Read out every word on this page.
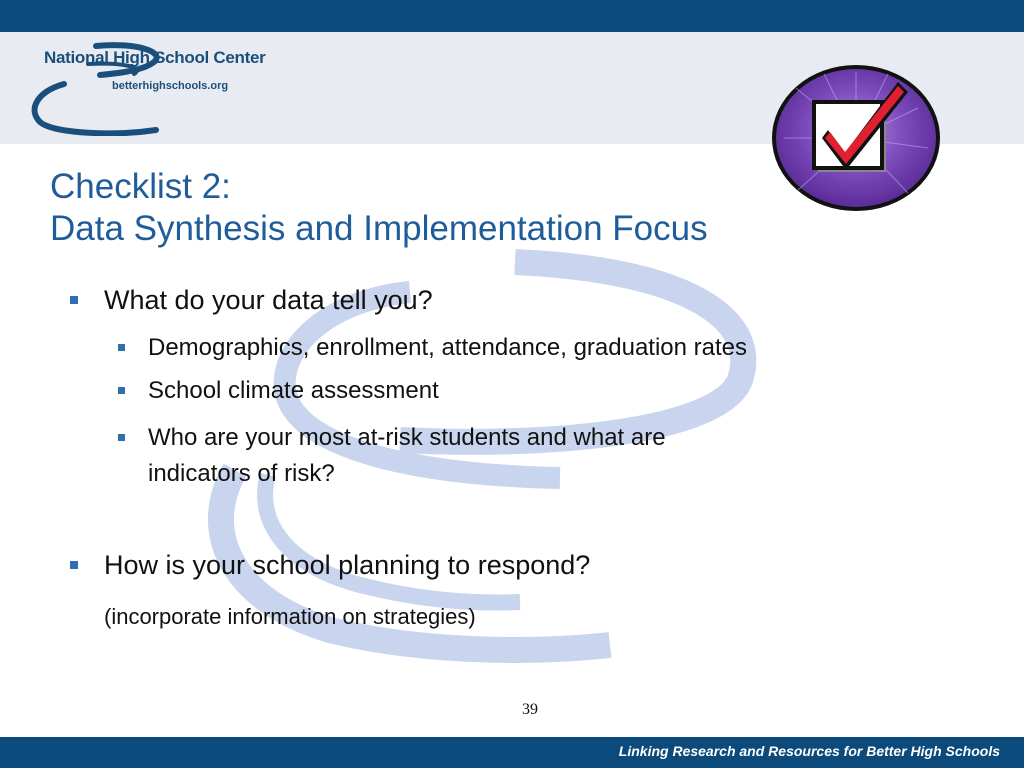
National High School Center
betterhighschools.org
Checklist 2:
Data Synthesis and Implementation Focus
What do your data tell you?
Demographics, enrollment, attendance, graduation rates
School climate assessment
Who are your most at-risk students and what are
indicators of risk?
How is your school planning to respond?
(incorporate information on strategies)
39
Linking Research and Resources for Better High Schools
